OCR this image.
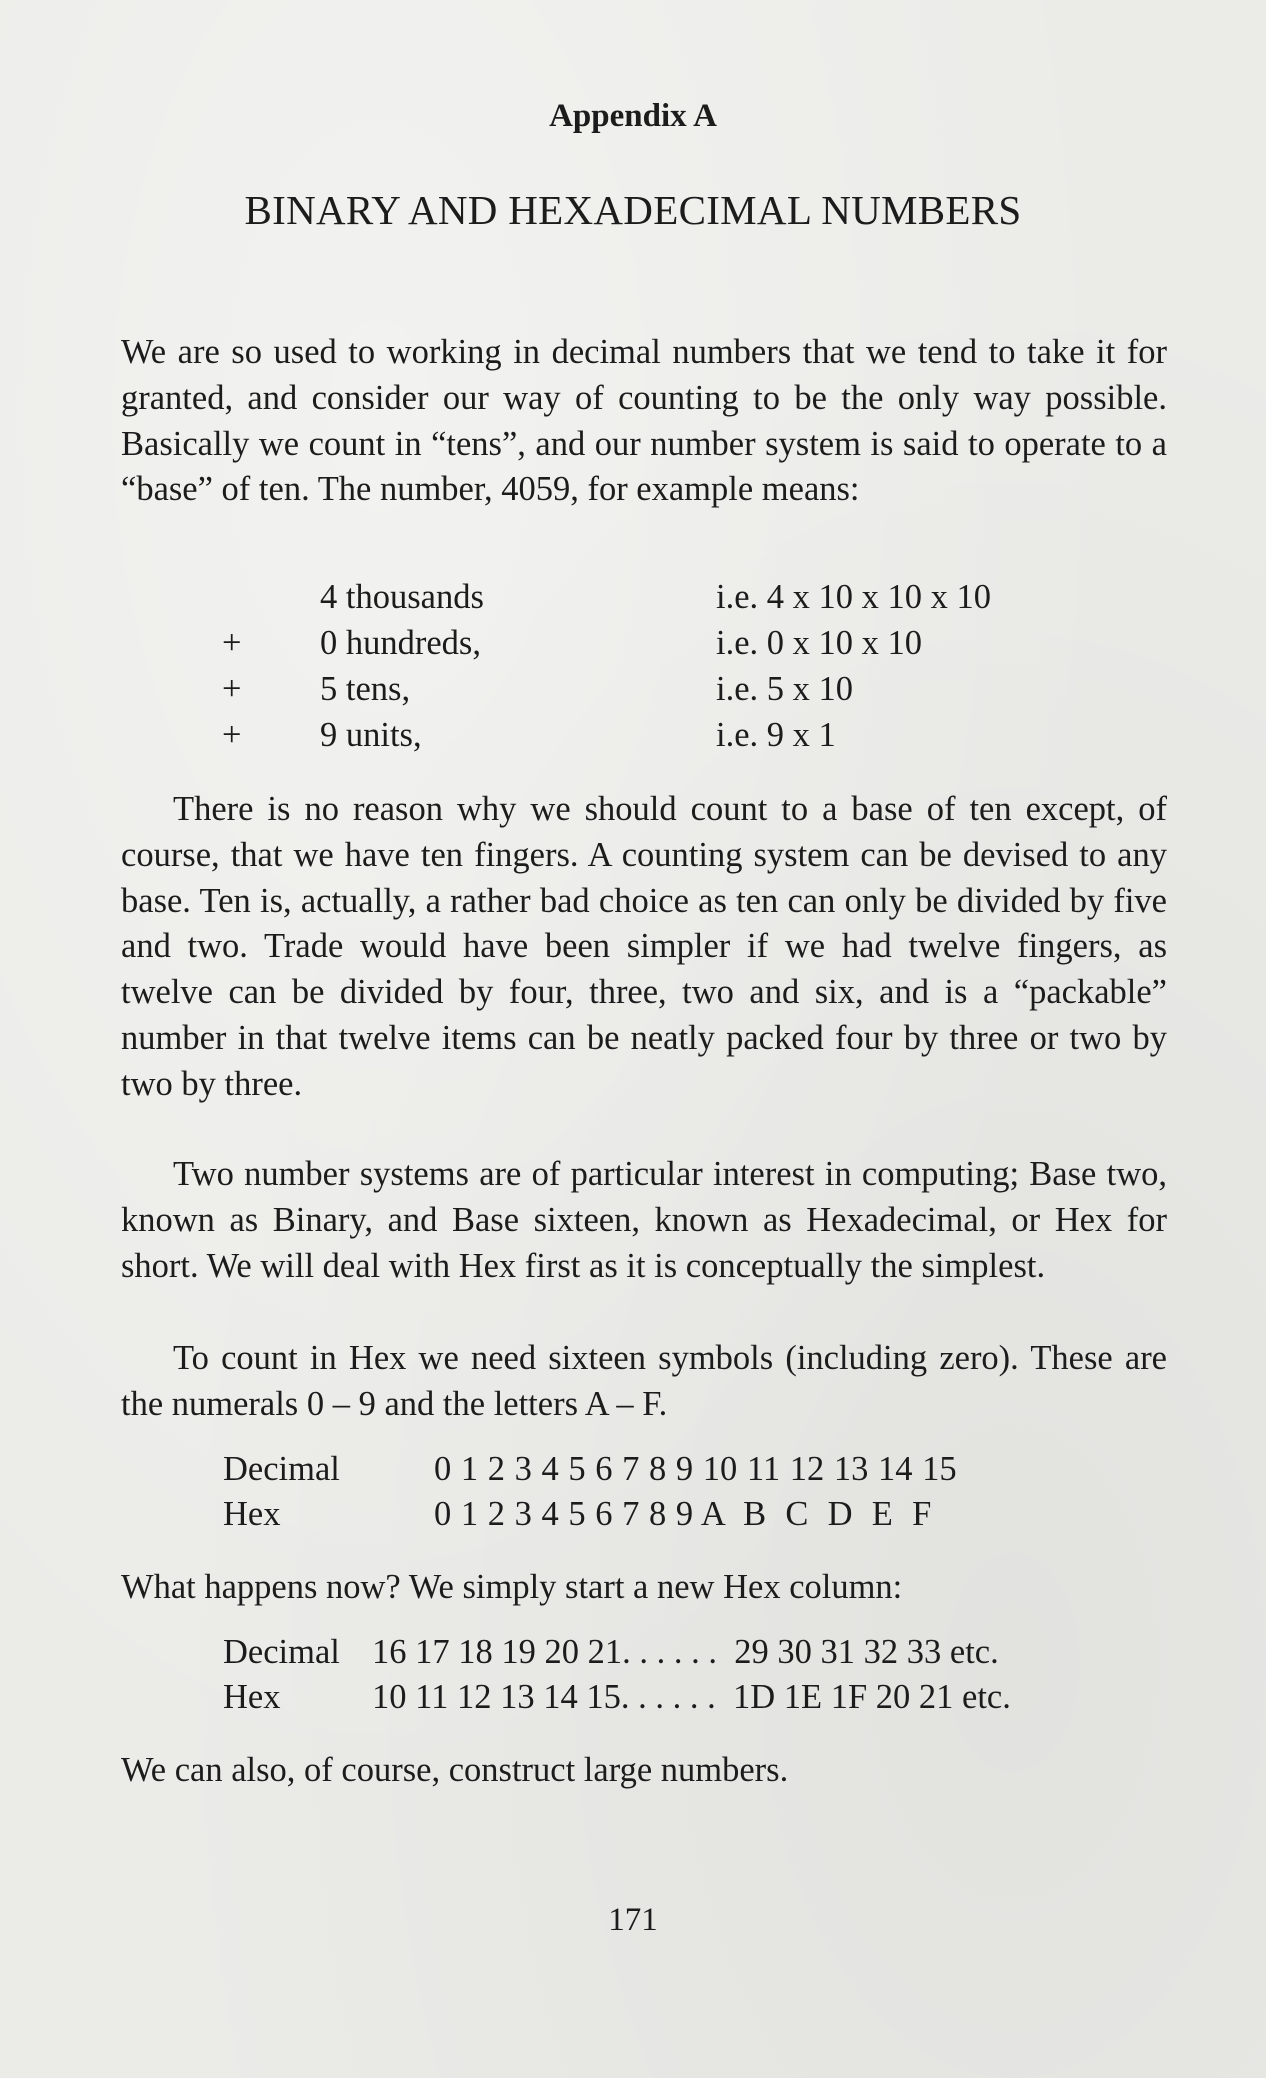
Appendix A
BINARY AND HEXADECIMAL NUMBERS

We are so used to working in decimal numbers that we tend to take it for granted, and consider our way of counting to be the only way possible. Basically we count in “tens”, and our number system is said to operate to a “base” of ten. The number, 4059, for example means:

4 thousands	i.e. 4 x 10 x 10 x 10
+ 0 hundreds,	i.e. 0 x 10 x 10
+ 5 tens,	i.e. 5 x 10
+ 9 units,	i.e. 9 x 1

There is no reason why we should count to a base of ten except, of course, that we have ten fingers. A counting system can be devised to any base. Ten is, actually, a rather bad choice as ten can only be divided by five and two. Trade would have been simpler if we had twelve fingers, as twelve can be divided by four, three, two and six, and is a “packable” number in that twelve items can be neatly packed four by three or two by two by three.

Two number systems are of particular interest in computing; Base two, known as Binary, and Base sixteen, known as Hexadecimal, or Hex for short. We will deal with Hex first as it is conceptually the simplest.

To count in Hex we need sixteen symbols (including zero). These are the numerals 0 – 9 and the letters A – F.

Decimal	0 1 2 3 4 5 6 7 8 9 10 11 12 13 14 15
Hex	0 1 2 3 4 5 6 7 8 9 A  B  C  D  E  F

What happens now? We simply start a new Hex column:

Decimal 16 17 18 19 20 21. . . . . .  29 30 31 32 33 etc.
Hex	10 11 12 13 14 15. . . . . .  1D 1E 1F 20 21 etc.

We can also, of course, construct large numbers.

171
